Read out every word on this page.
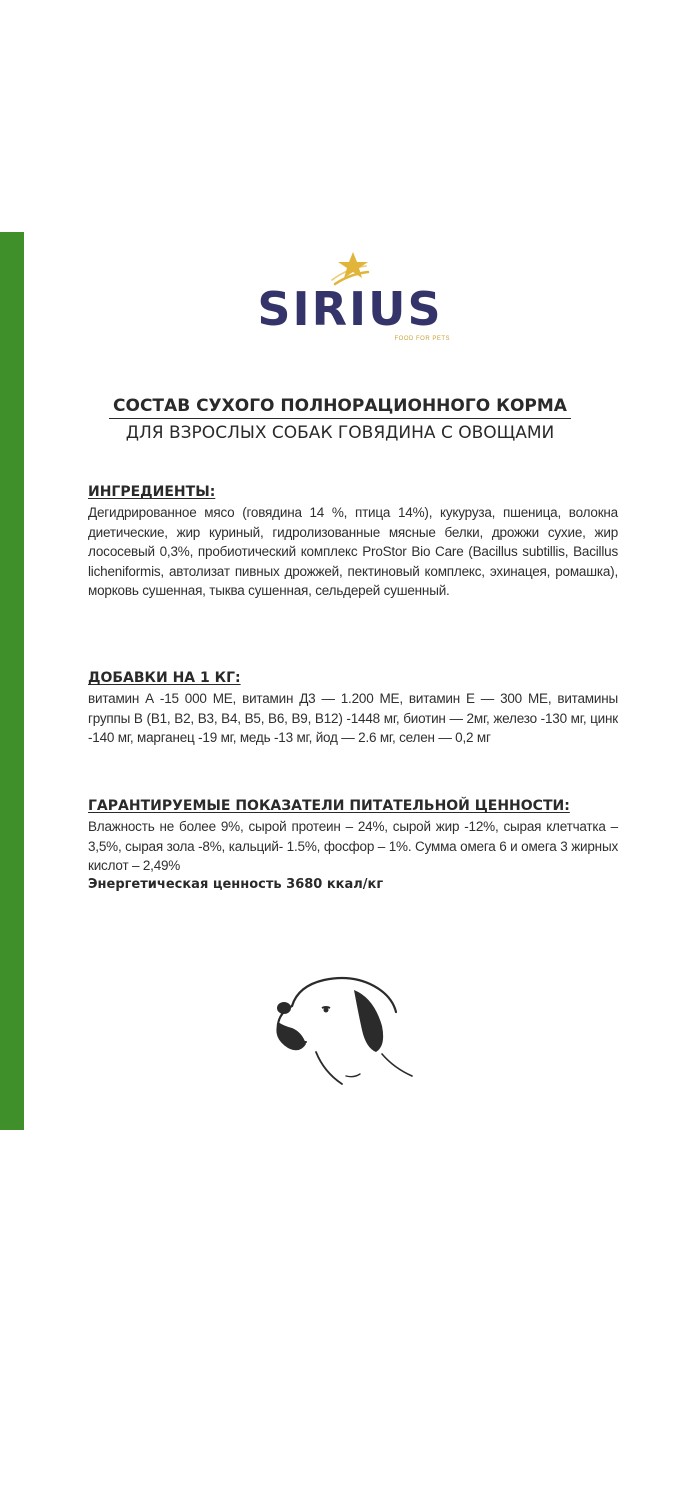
SIRIUS
FOOD FOR PETS
СОСТАВ СУХОГО ПОЛНОРАЦИОННОГО КОРМА
ДЛЯ ВЗРОСЛЫХ СОБАК ГОВЯДИНА С ОВОЩАМИ
ИНГРЕДИЕНТЫ:
Дегидрированное мясо (говядина 14 %, птица 14%), кукуруза, пшеница, волокна диетические, жир куриный, гидролизованные мясные белки, дрожжи сухие, жир лососевый 0,3%, пробиотический комплекс ProStor Bio Care (Bacillus subtillis, Bacillus licheniformis, автолизат пивных дрожжей, пектиновый комплекс, эхинацея, ромашка), морковь сушенная, тыква сушенная, сельдерей сушенный.
ДОБАВКИ НА 1 КГ:
витамин А -15 000 МЕ, витамин Д3 — 1.200 МЕ, витамин Е — 300 МЕ, витамины группы В (В1, В2, В3, В4, В5, В6, В9, В12) -1448 мг, биотин — 2мг, железо -130 мг, цинк -140 мг, марганец -19 мг, медь -13 мг, йод — 2.6 мг, селен — 0,2 мг
ГАРАНТИРУЕМЫЕ ПОКАЗАТЕЛИ ПИТАТЕЛЬНОЙ ЦЕННОСТИ:
Влажность не более 9%, сырой протеин – 24%, сырой жир -12%, сырая клетчатка – 3,5%, сырая зола -8%, кальций- 1.5%, фосфор – 1%. Сумма омега 6 и омега 3 жирных кислот – 2,49%
Энергетическая ценность 3680 ккал/кг
